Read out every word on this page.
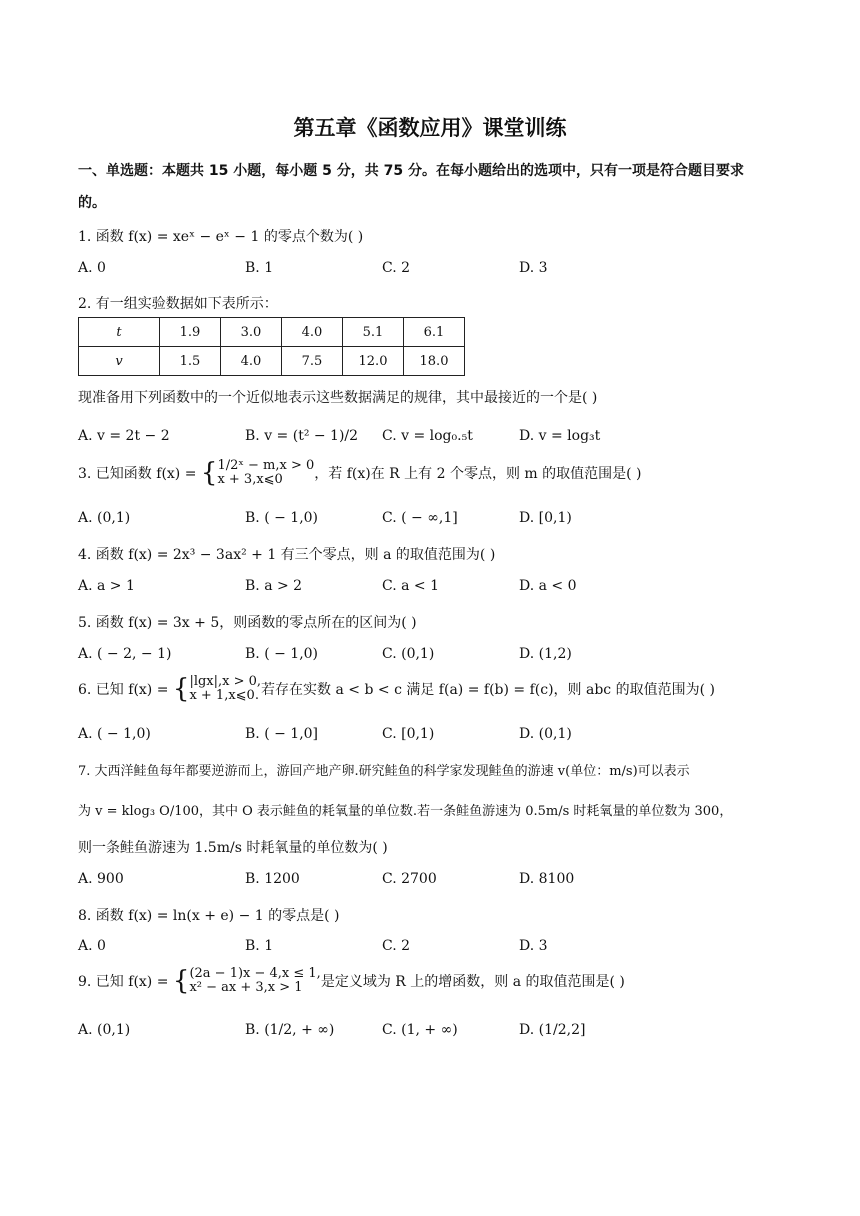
第五章《函数应用》课堂训练
一、单选题：本题共 15 小题，每小题 5 分，共 75 分。在每小题给出的选项中，只有一项是符合题目要求
的。
1. 函数 f(x) = xeˣ − eˣ − 1 的零点个数为( )
A. 0	B. 1	C. 2	D. 3
2. 有一组实验数据如下表所示：
t	1.9	3.0	4.0	5.1	6.1
v	1.5	4.0	7.5	12.0	18.0
现准备用下列函数中的一个近似地表示这些数据满足的规律，其中最接近的一个是( )
A. v = 2t − 2	B. v = (t² − 1)/2 C. v = log₀.₅t	D. v = log₃t
3. 已知函数 f(x) = {1/2ˣ − m,x > 0
x + 3,x⩽0 ，若 f(x)在 R 上有 2 个零点，则 m 的取值范围是( )
A. (0,1)	B. ( − 1,0)	C. ( − ∞,1]	D. [0,1)
4. 函数 f(x) = 2x³ − 3ax² + 1 有三个零点，则 a 的取值范围为( )
A. a > 1	B. a > 2	C. a < 1	D. a < 0
5. 函数 f(x) = 3x + 5，则函数的零点所在的区间为( )
A. ( − 2, − 1)	B. ( − 1,0)	C. (0,1)	D. (1,2)
6. 已知 f(x) = {|lgx|,x > 0,
x + 1,x⩽0. 若存在实数 a < b < c 满足 f(a) = f(b) = f(c)，则 abc 的取值范围为( )
A. ( − 1,0)	B. ( − 1,0]	C. [0,1)	D. (0,1)
7. 大西洋鲑鱼每年都要逆游而上，游回产地产卵.研究鲑鱼的科学家发现鲑鱼的游速 v(单位：m/s)可以表示
为 v = klog₃ O/100，其中 O 表示鲑鱼的耗氧量的单位数.若一条鲑鱼游速为 0.5m/s 时耗氧量的单位数为 300，
则一条鲑鱼游速为 1.5m/s 时耗氧量的单位数为( )
A. 900	B. 1200	C. 2700	D. 8100
8. 函数 f(x) = ln(x + e) − 1 的零点是( )
A. 0	B. 1	C. 2	D. 3
9. 已知 f(x) = {(2a − 1)x − 4,x ≤ 1,
x² − ax + 3,x > 1 是定义域为 R 上的增函数，则 a 的取值范围是( )
A. (0,1)	B. (1/2, + ∞)	C. (1, + ∞)	D. (1/2,2]
